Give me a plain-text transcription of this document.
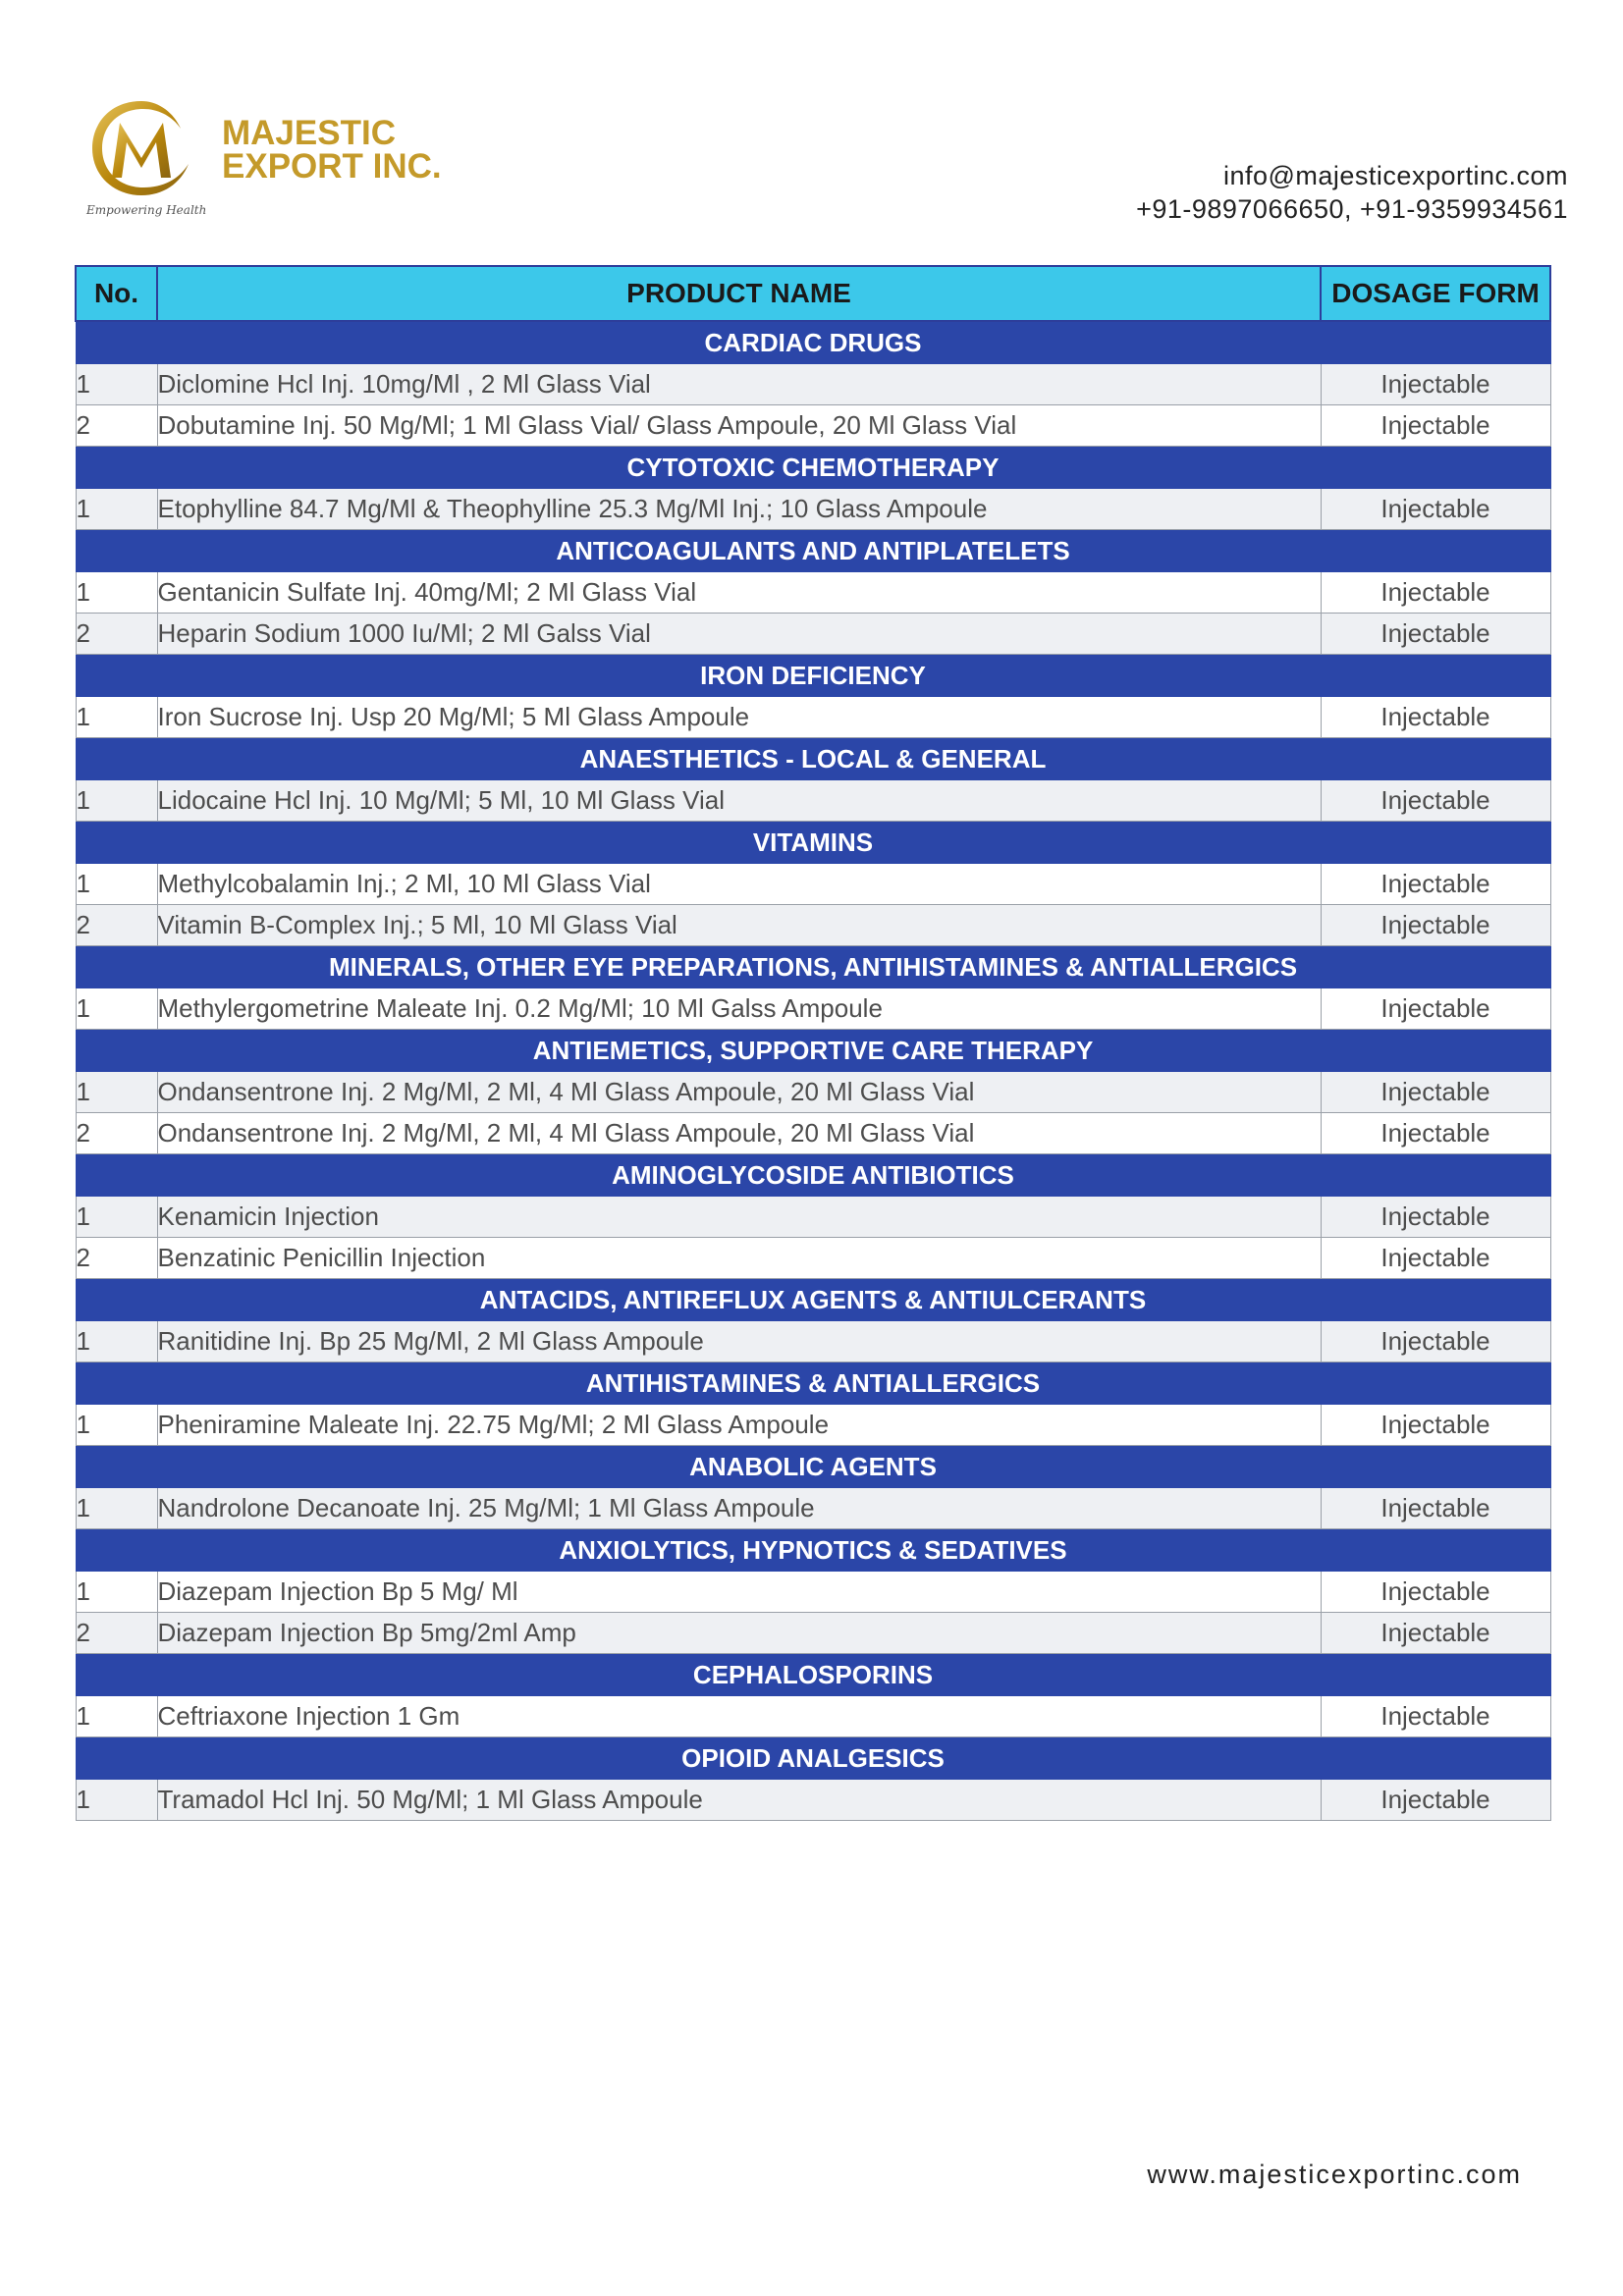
MAJESTIC
EXPORT INC.
Empowering Health
info@majesticexportinc.com
+91-9897066650, +91-9359934561
No.	PRODUCT NAME	DOSAGE FORM
CARDIAC DRUGS		
1	Diclomine Hcl Inj. 10mg/Ml , 2 Ml Glass Vial	Injectable
2	Dobutamine Inj. 50 Mg/Ml; 1 Ml Glass Vial/ Glass Ampoule, 20 Ml Glass Vial	Injectable
CYTOTOXIC CHEMOTHERAPY		
1	Etophylline 84.7 Mg/Ml & Theophylline 25.3 Mg/Ml Inj.; 10 Glass Ampoule	Injectable
ANTICOAGULANTS AND ANTIPLATELETS		
1	Gentanicin Sulfate Inj. 40mg/Ml; 2 Ml Glass Vial	Injectable
2	Heparin Sodium 1000 Iu/Ml; 2 Ml Galss Vial	Injectable
IRON DEFICIENCY		
1	Iron Sucrose Inj. Usp 20 Mg/Ml; 5 Ml Glass Ampoule	Injectable
ANAESTHETICS - LOCAL & GENERAL		
1	Lidocaine Hcl Inj. 10 Mg/Ml; 5 Ml, 10 Ml Glass Vial	Injectable
VITAMINS		
1	Methylcobalamin Inj.; 2 Ml, 10 Ml Glass Vial	Injectable
2	Vitamin B-Complex Inj.; 5 Ml, 10 Ml Glass Vial	Injectable
MINERALS, OTHER EYE PREPARATIONS, ANTIHISTAMINES & ANTIALLERGICS		
1	Methylergometrine Maleate Inj. 0.2 Mg/Ml; 10 Ml Galss Ampoule	Injectable
ANTIEMETICS, SUPPORTIVE CARE THERAPY		
1	Ondansentrone Inj. 2 Mg/Ml, 2 Ml, 4 Ml Glass Ampoule, 20 Ml Glass Vial	Injectable
2	Ondansentrone Inj. 2 Mg/Ml, 2 Ml, 4 Ml Glass Ampoule, 20 Ml Glass Vial	Injectable
AMINOGLYCOSIDE ANTIBIOTICS		
1	Kenamicin Injection	Injectable
2	Benzatinic Penicillin Injection	Injectable
ANTACIDS, ANTIREFLUX AGENTS & ANTIULCERANTS		
1	Ranitidine Inj. Bp 25 Mg/Ml, 2 Ml Glass Ampoule	Injectable
ANTIHISTAMINES & ANTIALLERGICS		
1	Pheniramine Maleate Inj. 22.75 Mg/Ml; 2 Ml Glass Ampoule	Injectable
ANABOLIC AGENTS		
1	Nandrolone Decanoate Inj. 25 Mg/Ml; 1 Ml Glass Ampoule	Injectable
ANXIOLYTICS, HYPNOTICS & SEDATIVES		
1	Diazepam Injection Bp 5 Mg/ Ml	Injectable
2	Diazepam Injection Bp 5mg/2ml Amp	Injectable
CEPHALOSPORINS		
1	Ceftriaxone Injection 1 Gm	Injectable
OPIOID ANALGESICS		
1	Tramadol Hcl Inj. 50 Mg/Ml; 1 Ml Glass Ampoule	Injectable
www.majesticexportinc.com
